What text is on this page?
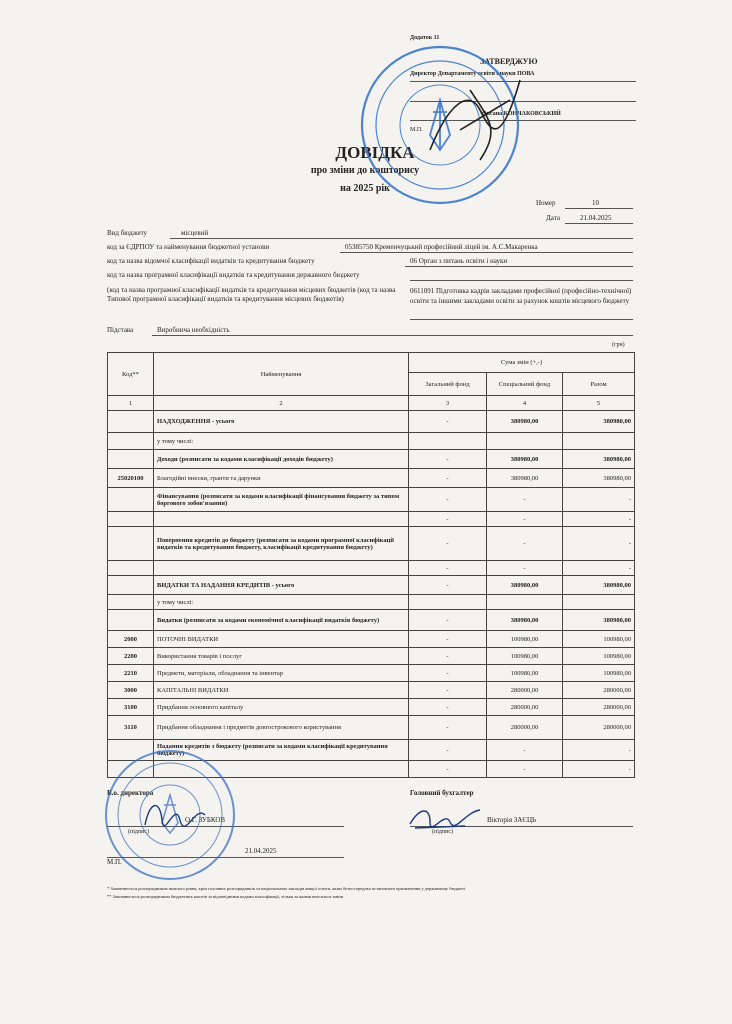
Додаток 11
ЗАТВЕРДЖУЮ
Директор Департаменту освіти і науки ПОВА
Оксана КОНЧАКОВСЬКИЙ
М.П.
ДОВІДКА
про зміни до кошторису
на 2025 рік
Номер	10
Дата	21.04.2025
Вид бюджету	місцевий
код за ЄДРПОУ та найменування бюджетної установи	05385750 Кременчуцький професійний ліцей ім. А.С.Макаренка
код та назва відомчої класифікації видатків та кредитування бюджету	06 Орган з питань освіти і науки
код та назва програмної класифікації видатків та кредитування державного бюджету
(код та назва програмної класифікації видатків та кредитування місцевих бюджетів (код та назва Типової програмної класифікації видатків та кредитування місцевих бюджетів)
0611091 Підготовка кадрів закладами професійної (професійно-технічної) освіти та іншими закладами освіти за рахунок коштів місцевого бюджету
Підстава	Виробнича необхідність
(грн)
Код**	Найменування	Сума змін (+,-)		
		Загальний фонд	Спеціальний фонд	Разом
1	2	3	4	5
	НАДХОДЖЕННЯ - усього	-	380980,00	380980,00
	у тому числі:			
	Доходи (розписати за кодами класифікації доходів бюджету)	-	380980,00	380980,00
25020100	Благодійні внески, гранти та дарунки	-	380980,00	380980,00
	Фінансування (розписати за кодами класифікації фінансування бюджету за типом боргового зобов'язання)	-	-	-
		-	-	-
	Повернення кредитів до бюджету (розписати за кодами програмної класифікації видатків та кредитування бюджету, класифікації кредитування бюджету)	-	-	-
		-	-	-
	ВИДАТКИ ТА НАДАННЯ КРЕДИТІВ - усього	-	380980,00	380980,00
	у тому числі:			
	Видатки (розписати за кодами економічної класифікації видатків бюджету)	-	380980,00	380980,00
2000	ПОТОЧНІ ВИДАТКИ	-	100980,00	100980,00
2200	Використання товарів і послуг	-	100980,00	100980,00
2210	Предмети, матеріали, обладнання та інвентар	-	100980,00	100980,00
3000	КАПІТАЛЬНІ ВИДАТКИ	-	280000,00	280000,00
3100	Придбання основного капіталу	-	280000,00	280000,00
3110	Придбання обладнання і предметів довгострокового користування	-	280000,00	280000,00
	Надання кредитів з бюджету (розписати за кодами класифікації кредитування бюджету)	-	-	-
		-	-	-
В.о. директора
О.Г. ЗУБКОВ
(підпис)
21.04.2025
М.П.
Головний бухгалтер
Вікторія ЗАЄЦЬ
(підпис)
* Заповнюється розпорядником нижчого рівня, крім головних розпорядників та національних закладів вищої освіти, яким безпосередньо встановлені призначення у державному бюджеті
** Заповнюється розпорядником бюджетних коштів за відповідними кодами класифікації, тільки за якими вносяться зміни
